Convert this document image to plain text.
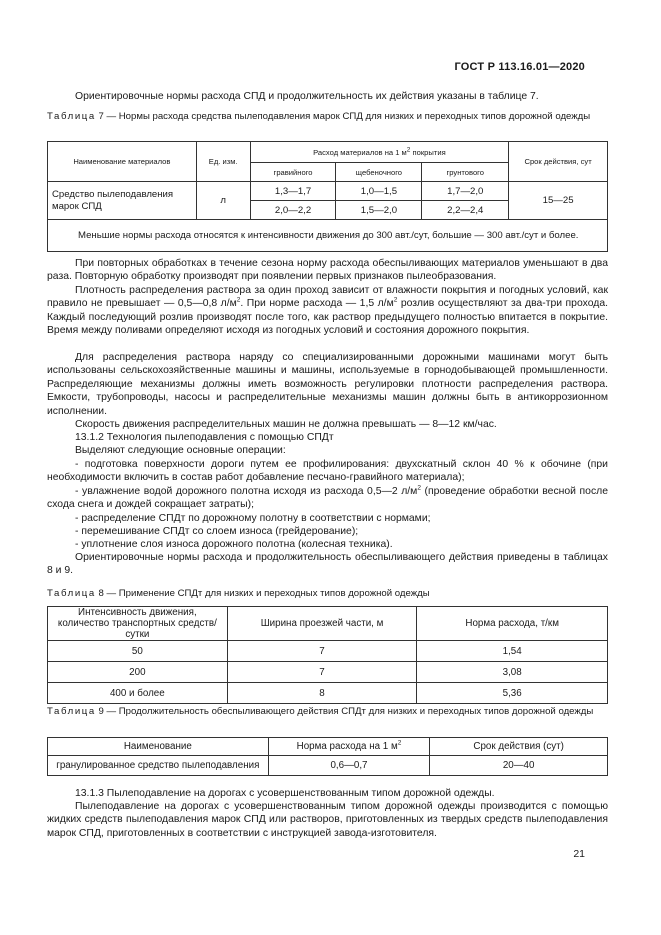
ГОСТ Р 113.16.01—2020
Ориентировочные нормы расхода СПД и продолжительность их действия указаны в таблице 7.
Таблица 7 — Нормы расхода средства пылеподавления марок СПД для низких и переходных типов дорожной одежды
Наименование материалов	Ед. изм.	Расход материалов на 1 $м^2$ покрытия			Срок действия, сут
		гравийного	щебеночного	грунтового	
Средство пылеподавления марок СПД	л	1,3—1,7	1,0—1,5	1,7—2,0	15—25
		2,0—2,2	1,5—2,0	2,2—2,4	
Меньшие нормы расхода относятся к интенсивности движения до 300 авт./сут, большие — 300 авт./сут и более.					
При повторных обработках в течение сезона норму расхода обеспыливающих материалов уменьшают в два раза. Повторную обработку производят при появлении первых признаков пылеобразования.
Плотность распределения раствора за один проход зависит от влажности покрытия и погодных условий, как правило не превышает — 0,5—0,8 $л/м^2$. При норме расхода — 1,5 $л/м^2$ розлив осуществляют за два-три прохода. Каждый последующий розлив производят после того, как раствор предыдущего полностью впитается в покрытие. Время между поливами определяют исходя из погодных условий и состояния дорожного покрытия.
Для распределения раствора наряду со специализированными дорожными машинами могут быть использованы сельскохозяйственные машины и машины, используемые в горнодобывающей промышленности. Распределяющие механизмы должны иметь возможность регулировки плотности распределения раствора. Емкости, трубопроводы, насосы и распределительные механизмы машин должны быть в антикоррозионном исполнении.
Скорость движения распределительных машин не должна превышать — 8—12 км/час.
13.1.2 Технология пылеподавления с помощью СПДт
Выделяют следующие основные операции:
- подготовка поверхности дороги путем ее профилирования: двухскатный склон 40 % к обочине (при необходимости включить в состав работ добавление песчано-гравийного материала);
- увлажнение водой дорожного полотна исходя из расхода 0,5—2 $л/м^2$ (проведение обработки весной после схода снега и дождей сокращает затраты);
- распределение СПДт по дорожному полотну в соответствии с нормами;
- перемешивание СПДт со слоем износа (грейдерование);
- уплотнение слоя износа дорожного полотна (колесная техника).
Ориентировочные нормы расхода и продолжительность обеспыливающего действия приведены в таблицах 8 и 9.
Таблица 8 — Применение СПДт для низких и переходных типов дорожной одежды
Интенсивность движения, количество транспортных средств/сутки	Ширина проезжей части, м	Норма расхода, т/км
50	7	1,54
200	7	3,08
400 и более	8	5,36
Таблица 9 — Продолжительность обеспыливающего действия СПДт для низких и переходных типов дорожной одежды
Наименование	Норма расхода на 1 $м^2$	Срок действия (сут)
гранулированное средство пылеподавления	0,6—0,7	20—40
13.1.3 Пылеподавление на дорогах с усовершенствованным типом дорожной одежды.
Пылеподавление на дорогах с усовершенствованным типом дорожной одежды производится с помощью жидких средств пылеподавления марок СПД или растворов, приготовленных из твердых средств пылеподавления марок СПД, приготовленных в соответствии с инструкцией завода-изготовителя.
21
